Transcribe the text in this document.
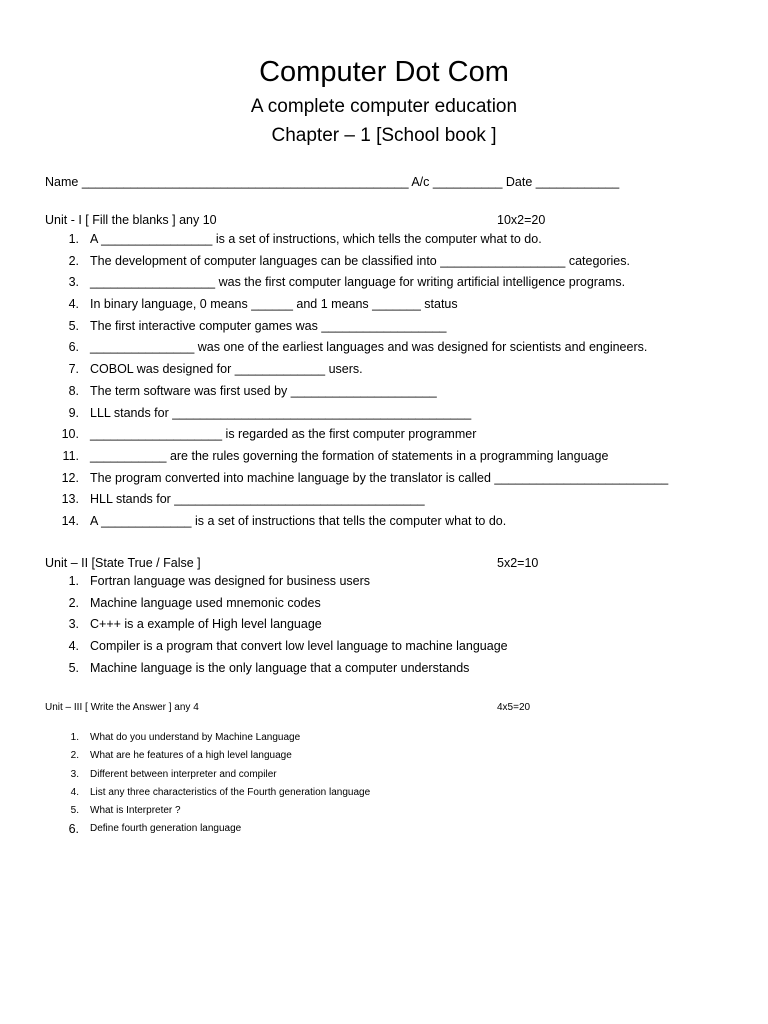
Computer Dot Com
A complete computer education
Chapter – 1 [School book ]
Name _______________________________________________ A/c __________ Date ____________
Unit - I [ Fill the blanks ] any 10	10x2=20
1. A ________________ is a set of instructions, which tells the computer what to do.
2. The development of computer languages can be classified into __________________ categories.
3. __________________ was the first computer language for writing artificial intelligence programs.
4. In binary language, 0 means ______ and 1 means _______ status
5. The first interactive computer games was __________________
6. _______________ was one of the earliest languages and was designed for scientists and engineers.
7. COBOL was designed for _____________ users.
8. The term software was first used by _____________________
9. LLL stands for ___________________________________________
10. ___________________ is regarded as the first computer programmer
11. ___________ are the rules governing the formation of statements in a programming language
12. The program converted into machine language by the translator is called _________________________
13. HLL stands for ____________________________________
14. A _____________ is a set of instructions that tells the computer what to do.
Unit – II [State True / False ]	5x2=10
1. Fortran language was designed for business users
2. Machine language used mnemonic codes
3. C+++ is a example of High level language
4. Compiler is a program that convert low level language to machine language
5. Machine language is the only language that a computer understands
Unit – III [ Write the Answer ] any 4	4x5=20
1. What do you understand by Machine Language
2. What are he features of a high level language
3. Different between interpreter and compiler
4. List any three characteristics of the Fourth generation language
5. What is Interpreter ?
6. Define fourth generation language
